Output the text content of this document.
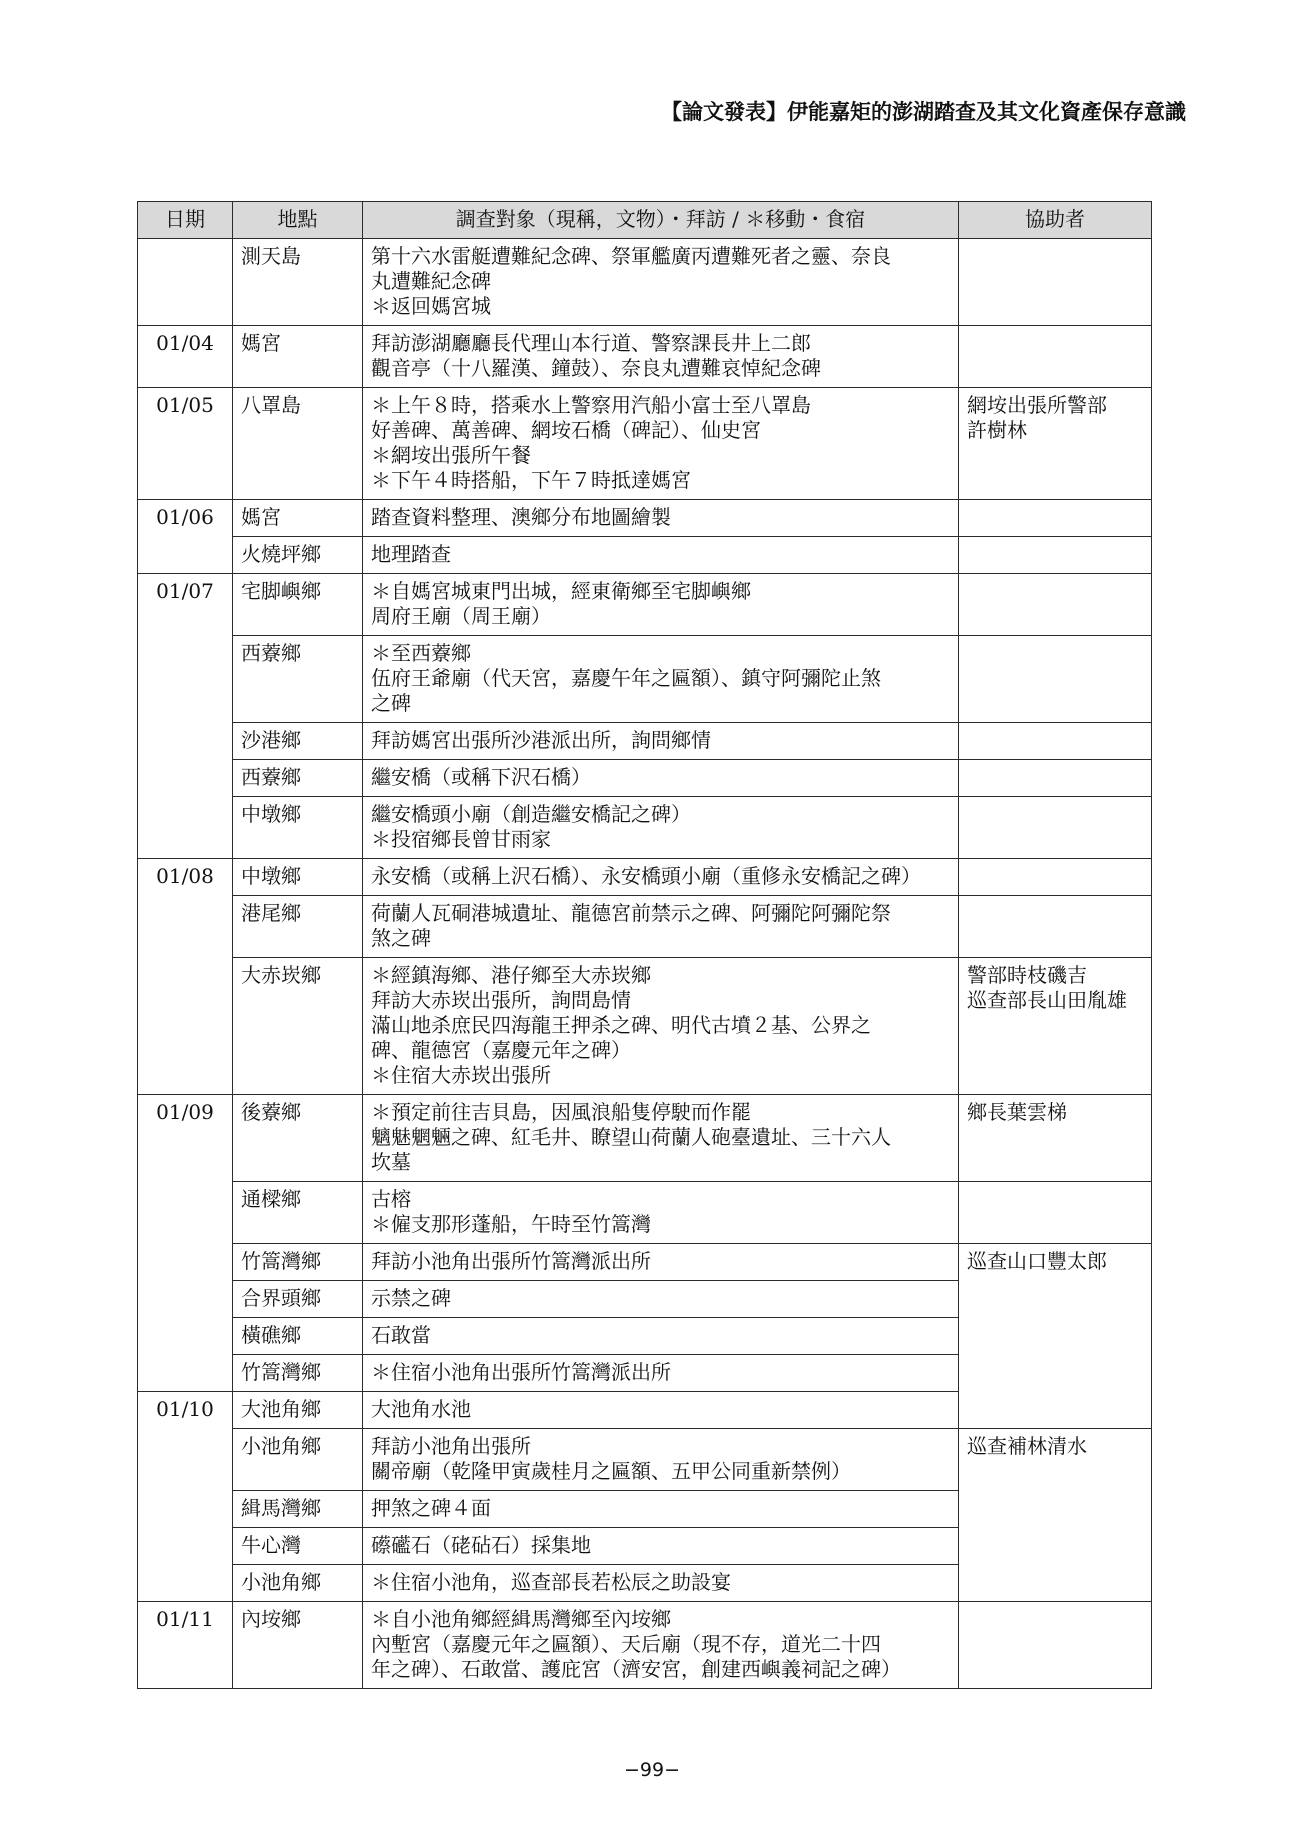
【論文發表】伊能嘉矩的澎湖踏查及其文化資產保存意識
日期	地點	調查對象（現稱，文物）・拜訪 / ＊移動・食宿	協助者
	測天島	第十六水雷艇遭難紀念碑、祭軍艦廣丙遭難死者之靈、奈良
丸遭難紀念碑
＊返回媽宮城	

01/04	媽宮	拜訪澎湖廳廳長代理山本行道、警察課長井上二郎
觀音亭（十八羅漢、鐘鼓）、奈良丸遭難哀悼紀念碑	

01/05	八罩島	＊上午８時，搭乘水上警察用汽船小富士至八罩島
好善碑、萬善碑、網垵石橋（碑記）、仙史宮
＊網垵出張所午餐
＊下午４時搭船，下午７時抵達媽宮	網垵出張所警部
許樹林

01/06	媽宮	踏查資料整理、澳鄉分布地圖繪製	

	火燒坪鄉	地理踏查	

01/07	宅脚嶼鄉	＊自媽宮城東門出城，經東衛鄉至宅脚嶼鄉
周府王廟（周王廟）	

	西藔鄉	＊至西藔鄉
伍府王爺廟（代天宮，嘉慶午年之匾額）、鎮守阿彌陀止煞
之碑	

	沙港鄉	拜訪媽宮出張所沙港派出所，詢問鄉情	

	西藔鄉	繼安橋（或稱下沢石橋）	

	中墩鄉	繼安橋頭小廟（創造繼安橋記之碑）
＊投宿鄉長曾甘雨家	

01/08	中墩鄉	永安橋（或稱上沢石橋）、永安橋頭小廟（重修永安橋記之碑）	

	港尾鄉	荷蘭人瓦硐港城遺址、龍德宮前禁示之碑、阿彌陀阿彌陀祭
煞之碑	

	大赤崁鄉	＊經鎮海鄉、港仔鄉至大赤崁鄉
拜訪大赤崁出張所，詢問島情
滿山地杀庶民四海龍王押杀之碑、明代古墳２基、公界之
碑、龍德宮（嘉慶元年之碑）
＊住宿大赤崁出張所	警部時枝磯吉
巡查部長山田胤雄

01/09	後藔鄉	＊預定前往吉貝島，因風浪船隻停駛而作罷
魑魅魍魎之碑、紅毛井、瞭望山荷蘭人砲臺遺址、三十六人
坎墓	鄉長葉雲梯

	通樑鄉	古榕
＊僱支那形蓬船，午時至竹篙灣	

	竹篙灣鄉	拜訪小池角出張所竹篙灣派出所	巡查山口豐太郎

	合界頭鄉	示禁之碑	

	橫礁鄉	石敢當	

	竹篙灣鄉	＊住宿小池角出張所竹篙灣派出所	

01/10	大池角鄉	大池角水池	

	小池角鄉	拜訪小池角出張所
關帝廟（乾隆甲寅歲桂月之匾額、五甲公同重新禁例）	巡查補林清水

	緝馬灣鄉	押煞之碑４面	

	牛心灣	礤礷石（硓砧石）採集地	

	小池角鄉	＊住宿小池角，巡查部長若松辰之助設宴	

01/11	內垵鄉	＊自小池角鄉經緝馬灣鄉至內垵鄉
內塹宮（嘉慶元年之匾額）、天后廟（現不存，道光二十四
年之碑）、石敢當、護庇宮（濟安宮，創建西嶼義祠記之碑）	

−99−
